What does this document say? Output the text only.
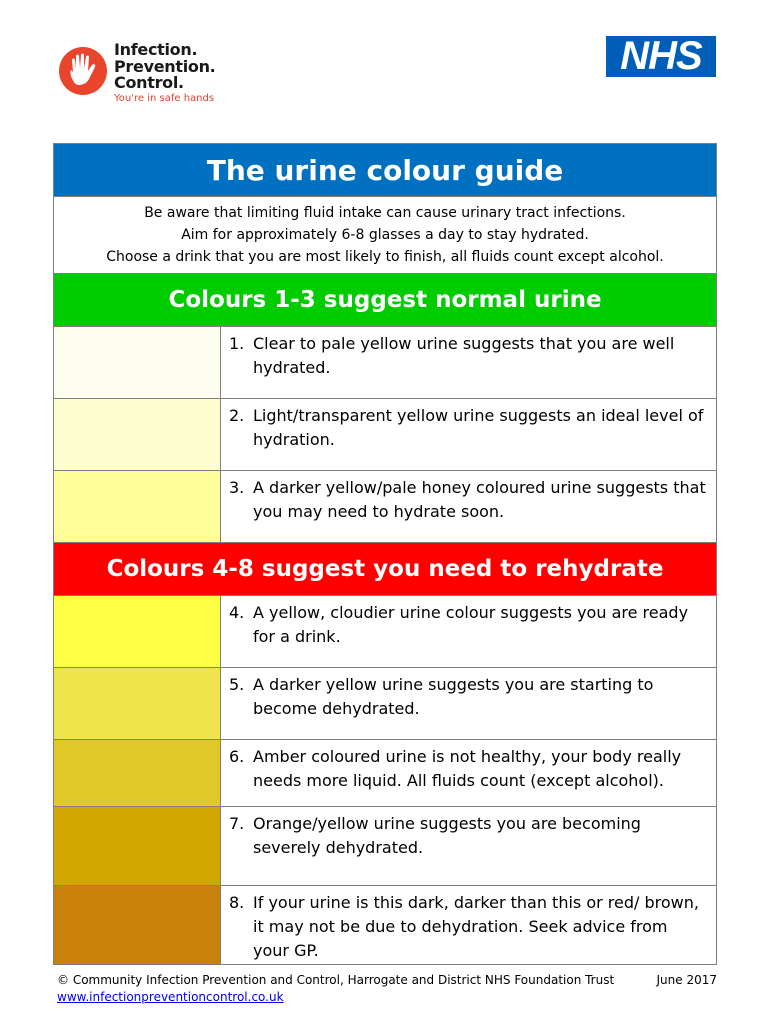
Infection.
Prevention.
Control.
You're in safe hands
NHS
The urine colour guide
Be aware that limiting fluid intake can cause urinary tract infections.
Aim for approximately 6-8 glasses a day to stay hydrated.
Choose a drink that you are most likely to finish, all fluids count except alcohol.
Colours 1-3 suggest normal urine
1. Clear to pale yellow urine suggests that you are well hydrated.
2. Light/transparent yellow urine suggests an ideal level of hydration.
3. A darker yellow/pale honey coloured urine suggests that you may need to hydrate soon.
Colours 4-8 suggest you need to rehydrate
4. A yellow, cloudier urine colour suggests you are ready for a drink.
5. A darker yellow urine suggests you are starting to become dehydrated.
6. Amber coloured urine is not healthy, your body really needs more liquid. All fluids count (except alcohol).
7. Orange/yellow urine suggests you are becoming severely dehydrated.
8. If your urine is this dark, darker than this or red/ brown, it may not be due to dehydration. Seek advice from your GP.
© Community Infection Prevention and Control, Harrogate and District NHS Foundation Trust	June 2017
www.infectionpreventioncontrol.co.uk
